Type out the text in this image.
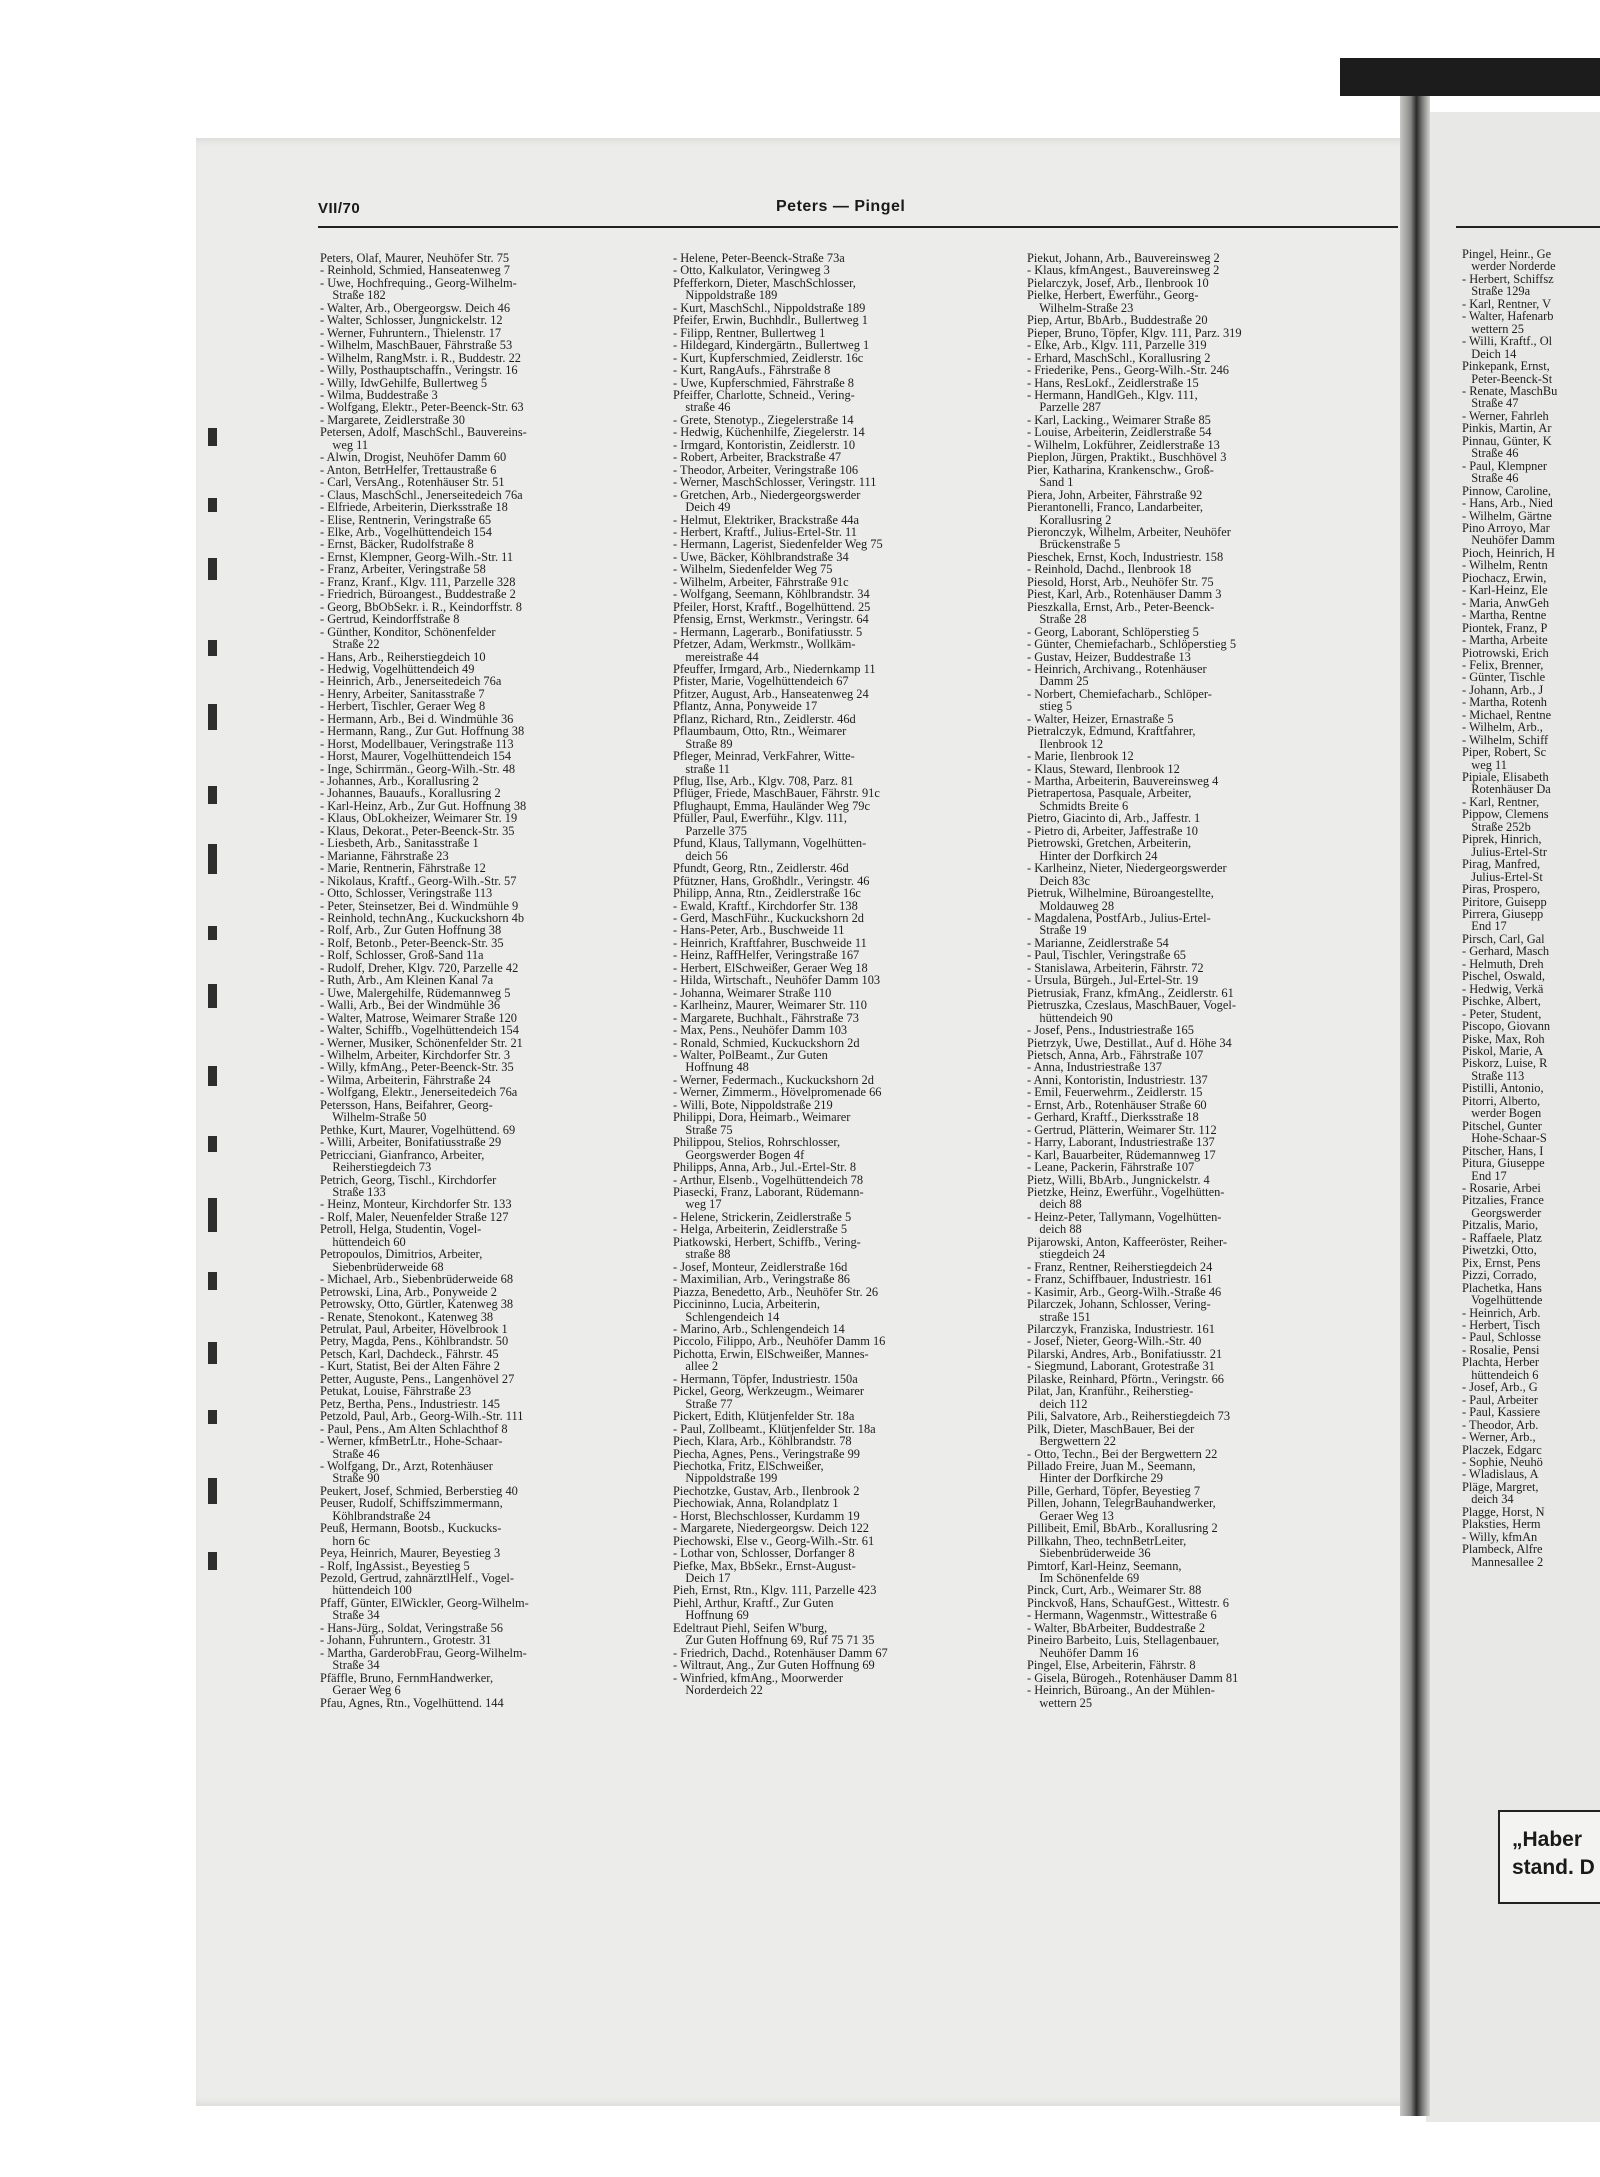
VII/70	Peters — Pingel
Peters, Olaf, Maurer, Neuhöfer Str. 75
- Reinhold, Schmied, Hanseatenweg 7
- Uwe, Hochfrequing., Georg-Wilhelm-
Straße 182
- Walter, Arb., Obergeorgsw. Deich 46
- Walter, Schlosser, Jungnickelstr. 12
- Werner, Fuhruntern., Thielenstr. 17
- Wilhelm, MaschBauer, Fährstraße 53
- Wilhelm, RangMstr. i. R., Buddestr. 22
- Willy, Posthauptschaffn., Veringstr. 16
- Willy, IdwGehilfe, Bullertweg 5
- Wilma, Buddestraße 3
- Wolfgang, Elektr., Peter-Beenck-Str. 63
- Margarete, Zeidlerstraße 30
Petersen, Adolf, MaschSchl., Bauvereins-
weg 11
- Alwin, Drogist, Neuhöfer Damm 60
- Anton, BetrHelfer, Trettaustraße 6
- Carl, VersAng., Rotenhäuser Str. 51
- Claus, MaschSchl., Jenerseitedeich 76a
- Elfriede, Arbeiterin, Dierksstraße 18
- Elise, Rentnerin, Veringstraße 65
- Elke, Arb., Vogelhüttendeich 154
- Ernst, Bäcker, Rudolfstraße 8
- Ernst, Klempner, Georg-Wilh.-Str. 11
- Franz, Arbeiter, Veringstraße 58
- Franz, Kranf., Klgv. 111, Parzelle 328
- Friedrich, Büroangest., Buddestraße 2
- Georg, BbObSekr. i. R., Keindorffstr. 8
- Gertrud, Keindorffstraße 8
- Günther, Konditor, Schönenfelder
Straße 22
- Hans, Arb., Reiherstiegdeich 10
- Hedwig, Vogelhüttendeich 49
- Heinrich, Arb., Jenerseitedeich 76a
- Henry, Arbeiter, Sanitasstraße 7
- Herbert, Tischler, Geraer Weg 8
- Hermann, Arb., Bei d. Windmühle 36
- Hermann, Rang., Zur Gut. Hoffnung 38
- Horst, Modellbauer, Veringstraße 113
- Horst, Maurer, Vogelhüttendeich 154
- Inge, Schirrmän., Georg-Wilh.-Str. 48
- Johannes, Arb., Korallusring 2
- Johannes, Bauaufs., Korallusring 2
- Karl-Heinz, Arb., Zur Gut. Hoffnung 38
- Klaus, ObLokheizer, Weimarer Str. 19
- Klaus, Dekorat., Peter-Beenck-Str. 35
- Liesbeth, Arb., Sanitasstraße 1
- Marianne, Fährstraße 23
- Marie, Rentnerin, Fährstraße 12
- Nikolaus, Kraftf., Georg-Wilh.-Str. 57
- Otto, Schlosser, Veringstraße 113
- Peter, Steinsetzer, Bei d. Windmühle 9
- Reinhold, technAng., Kuckuckshorn 4b
- Rolf, Arb., Zur Guten Hoffnung 38
- Rolf, Betonb., Peter-Beenck-Str. 35
- Rolf, Schlosser, Groß-Sand 11a
- Rudolf, Dreher, Klgv. 720, Parzelle 42
- Ruth, Arb., Am Kleinen Kanal 7a
- Uwe, Malergehilfe, Rüdemannweg 5
- Walli, Arb., Bei der Windmühle 36
- Walter, Matrose, Weimarer Straße 120
- Walter, Schiffb., Vogelhüttendeich 154
- Werner, Musiker, Schönenfelder Str. 21
- Wilhelm, Arbeiter, Kirchdorfer Str. 3
- Willy, kfmAng., Peter-Beenck-Str. 35
- Wilma, Arbeiterin, Fährstraße 24
- Wolfgang, Elektr., Jenerseitedeich 76a
Petersson, Hans, Beifahrer, Georg-
Wilhelm-Straße 50
Pethke, Kurt, Maurer, Vogelhüttend. 69
- Willi, Arbeiter, Bonifatiusstraße 29
Petricciani, Gianfranco, Arbeiter,
Reiherstiegdeich 73
Petrich, Georg, Tischl., Kirchdorfer
Straße 133
- Heinz, Monteur, Kirchdorfer Str. 133
- Rolf, Maler, Neuenfelder Straße 127
Petroll, Helga, Studentin, Vogel-
hüttendeich 60
Petropoulos, Dimitrios, Arbeiter,
Siebenbrüderweide 68
- Michael, Arb., Siebenbrüderweide 68
Petrowski, Lina, Arb., Ponyweide 2
Petrowsky, Otto, Gürtler, Katenweg 38
- Renate, Stenokont., Katenweg 38
Petrulat, Paul, Arbeiter, Hövelbrook 1
Petry, Magda, Pens., Köhlbrandstr. 50
Petsch, Karl, Dachdeck., Fährstr. 45
- Kurt, Statist, Bei der Alten Fähre 2
Petter, Auguste, Pens., Langenhövel 27
Petukat, Louise, Fährstraße 23
Petz, Bertha, Pens., Industriestr. 145
Petzold, Paul, Arb., Georg-Wilh.-Str. 111
- Paul, Pens., Am Alten Schlachthof 8
- Werner, kfmBetrLtr., Hohe-Schaar-
Straße 46
- Wolfgang, Dr., Arzt, Rotenhäuser
Straße 90
Peukert, Josef, Schmied, Berberstieg 40
Peuser, Rudolf, Schiffszimmermann,
Köhlbrandstraße 24
Peuß, Hermann, Bootsb., Kuckucks-
horn 6c
Peya, Heinrich, Maurer, Beyestieg 3
- Rolf, IngAssist., Beyestieg 5
Pezold, Gertrud, zahnärztlHelf., Vogel-
hüttendeich 100
Pfaff, Günter, ElWickler, Georg-Wilhelm-
Straße 34
- Hans-Jürg., Soldat, Veringstraße 56
- Johann, Fuhruntern., Grotestr. 31
- Martha, GarderobFrau, Georg-Wilhelm-
Straße 34
Pfäffle, Bruno, FernmHandwerker,
Geraer Weg 6
Pfau, Agnes, Rtn., Vogelhüttend. 144
- Helene, Peter-Beenck-Straße 73a
- Otto, Kalkulator, Veringweg 3
Pfefferkorn, Dieter, MaschSchlosser,
Nippoldstraße 189
- Kurt, MaschSchl., Nippoldstraße 189
Pfeifer, Erwin, Buchhdlr., Bullertweg 1
- Filipp, Rentner, Bullertweg 1
- Hildegard, Kindergärtn., Bullertweg 1
- Kurt, Kupferschmied, Zeidlerstr. 16c
- Kurt, RangAufs., Fährstraße 8
- Uwe, Kupferschmied, Fährstraße 8
Pfeiffer, Charlotte, Schneid., Vering-
straße 46
- Grete, Stenotyp., Ziegelerstraße 14
- Hedwig, Küchenhilfe, Ziegelerstr. 14
- Irmgard, Kontoristin, Zeidlerstr. 10
- Robert, Arbeiter, Brackstraße 47
- Theodor, Arbeiter, Veringstraße 106
- Werner, MaschSchlosser, Veringstr. 111
- Gretchen, Arb., Niedergeorgswerder
Deich 49
- Helmut, Elektriker, Brackstraße 44a
- Herbert, Kraftf., Julius-Ertel-Str. 11
- Hermann, Lagerist, Siedenfelder Weg 75
- Uwe, Bäcker, Köhlbrandstraße 34
- Wilhelm, Siedenfelder Weg 75
- Wilhelm, Arbeiter, Fährstraße 91c
- Wolfgang, Seemann, Köhlbrandstr. 34
Pfeiler, Horst, Kraftf., Bogelhüttend. 25
Pfensig, Ernst, Werkmstr., Veringstr. 64
- Hermann, Lagerarb., Bonifatiusstr. 5
Pfetzer, Adam, Werkmstr., Wollkäm-
mereistraße 44
Pfeuffer, Irmgard, Arb., Niedernkamp 11
Pfister, Marie, Vogelhüttendeich 67
Pfitzer, August, Arb., Hanseatenweg 24
Pflantz, Anna, Ponyweide 17
Pflanz, Richard, Rtn., Zeidlerstr. 46d
Pflaumbaum, Otto, Rtn., Weimarer
Straße 89
Pfleger, Meinrad, VerkFahrer, Witte-
straße 11
Pflug, Ilse, Arb., Klgv. 708, Parz. 81
Pflüger, Friede, MaschBauer, Fährstr. 91c
Pflughaupt, Emma, Hauländer Weg 79c
Pfüller, Paul, Ewerführ., Klgv. 111,
Parzelle 375
Pfund, Klaus, Tallymann, Vogelhütten-
deich 56
Pfundt, Georg, Rtn., Zeidlerstr. 46d
Pfützner, Hans, Großhdlr., Veringstr. 46
Philipp, Anna, Rtn., Zeidlerstraße 16c
- Ewald, Kraftf., Kirchdorfer Str. 138
- Gerd, MaschFühr., Kuckuckshorn 2d
- Hans-Peter, Arb., Buschweide 11
- Heinrich, Kraftfahrer, Buschweide 11
- Heinz, RaffHelfer, Veringstraße 167
- Herbert, ElSchweißer, Geraer Weg 18
- Hilda, Wirtschaft., Neuhöfer Damm 103
- Johanna, Weimarer Straße 110
- Karlheinz, Maurer, Weimarer Str. 110
- Margarete, Buchhalt., Fährstraße 73
- Max, Pens., Neuhöfer Damm 103
- Ronald, Schmied, Kuckuckshorn 2d
- Walter, PolBeamt., Zur Guten
Hoffnung 48
- Werner, Federmach., Kuckuckshorn 2d
- Werner, Zimmerm., Hövelpromenade 66
- Willi, Bote, Nippoldstraße 219
Philippi, Dora, Heimarb., Weimarer
Straße 75
Philippou, Stelios, Rohrschlosser,
Georgswerder Bogen 4f
Philipps, Anna, Arb., Jul.-Ertel-Str. 8
- Arthur, Elsenb., Vogelhüttendeich 78
Piasecki, Franz, Laborant, Rüdemann-
weg 17
- Helene, Strickerin, Zeidlerstraße 5
- Helga, Arbeiterin, Zeidlerstraße 5
Piatkowski, Herbert, Schiffb., Vering-
straße 88
- Josef, Monteur, Zeidlerstraße 16d
- Maximilian, Arb., Veringstraße 86
Piazza, Benedetto, Arb., Neuhöfer Str. 26
Piccininno, Lucia, Arbeiterin,
Schlengendeich 14
- Marino, Arb., Schlengendeich 14
Piccolo, Filippo, Arb., Neuhöfer Damm 16
Pichotta, Erwin, ElSchweißer, Mannes-
allee 2
- Hermann, Töpfer, Industriestr. 150a
Pickel, Georg, Werkzeugm., Weimarer
Straße 77
Pickert, Edith, Klütjenfelder Str. 18a
- Paul, Zollbeamt., Klütjenfelder Str. 18a
Piech, Klara, Arb., Köhlbrandstr. 78
Piecha, Agnes, Pens., Veringstraße 99
Piechotka, Fritz, ElSchweißer,
Nippoldstraße 199
Piechotzke, Gustav, Arb., Ilenbrook 2
Piechowiak, Anna, Rolandplatz 1
- Horst, Blechschlosser, Kurdamm 19
- Margarete, Niedergeorgsw. Deich 122
Piechowski, Else v., Georg-Wilh.-Str. 61
- Lothar von, Schlosser, Dorfanger 8
Piefke, Max, BbSekr., Ernst-August-
Deich 17
Pieh, Ernst, Rtn., Klgv. 111, Parzelle 423
Piehl, Arthur, Kraftf., Zur Guten
Hoffnung 69
Edeltraut Piehl, Seifen W'burg,
Zur Guten Hoffnung 69, Ruf 75 71 35
- Friedrich, Dachd., Rotenhäuser Damm 67
- Wiltraut, Ang., Zur Guten Hoffnung 69
- Winfried, kfmAng., Moorwerder
Norderdeich 22
Piekut, Johann, Arb., Bauvereinsweg 2
- Klaus, kfmAngest., Bauvereinsweg 2
Pielarczyk, Josef, Arb., Ilenbrook 10
Pielke, Herbert, Ewerführ., Georg-
Wilhelm-Straße 23
Piep, Artur, BbArb., Buddestraße 20
Pieper, Bruno, Töpfer, Klgv. 111, Parz. 319
- Elke, Arb., Klgv. 111, Parzelle 319
- Erhard, MaschSchl., Korallusring 2
- Friederike, Pens., Georg-Wilh.-Str. 246
- Hans, ResLokf., Zeidlerstraße 15
- Hermann, HandlGeh., Klgv. 111,
Parzelle 287
- Karl, Lacking., Weimarer Straße 85
- Louise, Arbeiterin, Zeidlerstraße 54
- Wilhelm, Lokführer, Zeidlerstraße 13
Pieplon, Jürgen, Praktikt., Buschhövel 3
Pier, Katharina, Krankenschw., Groß-
Sand 1
Piera, John, Arbeiter, Fährstraße 92
Pierantonelli, Franco, Landarbeiter,
Korallusring 2
Pieronczyk, Wilhelm, Arbeiter, Neuhöfer
Brückenstraße 5
Pieschek, Ernst, Koch, Industriestr. 158
- Reinhold, Dachd., Ilenbrook 18
Piesold, Horst, Arb., Neuhöfer Str. 75
Piest, Karl, Arb., Rotenhäuser Damm 3
Pieszkalla, Ernst, Arb., Peter-Beenck-
Straße 28
- Georg, Laborant, Schlöperstieg 5
- Günter, Chemiefacharb., Schlöperstieg 5
- Gustav, Heizer, Buddestraße 13
- Heinrich, Archivang., Rotenhäuser
Damm 25
- Norbert, Chemiefacharb., Schlöper-
stieg 5
- Walter, Heizer, Ernastraße 5
Pietralczyk, Edmund, Kraftfahrer,
Ilenbrook 12
- Marie, Ilenbrook 12
- Klaus, Steward, Ilenbrook 12
- Martha, Arbeiterin, Bauvereinsweg 4
Pietrapertosa, Pasquale, Arbeiter,
Schmidts Breite 6
Pietro, Giacinto di, Arb., Jaffestr. 1
- Pietro di, Arbeiter, Jaffestraße 10
Pietrowski, Gretchen, Arbeiterin,
Hinter der Dorfkirch 24
- Karlheinz, Nieter, Niedergeorgswerder
Deich 83c
Pietruk, Wilhelmine, Büroangestellte,
Moldauweg 28
- Magdalena, PostfArb., Julius-Ertel-
Straße 19
- Marianne, Zeidlerstraße 54
- Paul, Tischler, Veringstraße 65
- Stanislawa, Arbeiterin, Fährstr. 72
- Ursula, Bürgeh., Jul-Ertel-Str. 19
Pietrusiak, Franz, kfmAng., Zeidlerstr. 61
Pietruszka, Czeslaus, MaschBauer, Vogel-
hüttendeich 90
- Josef, Pens., Industriestraße 165
Pietrzyk, Uwe, Destillat., Auf d. Höhe 34
Pietsch, Anna, Arb., Fährstraße 107
- Anna, Industriestraße 137
- Anni, Kontoristin, Industriestr. 137
- Emil, Feuerwehrm., Zeidlerstr. 15
- Ernst, Arb., Rotenhäuser Straße 60
- Gerhard, Kraftf., Dierksstraße 18
- Gertrud, Plätterin, Weimarer Str. 112
- Harry, Laborant, Industriestraße 137
- Karl, Bauarbeiter, Rüdemannweg 17
- Leane, Packerin, Fährstraße 107
Pietz, Willi, BbArb., Jungnickelstr. 4
Pietzke, Heinz, Ewerführ., Vogelhütten-
deich 88
- Heinz-Peter, Tallymann, Vogelhütten-
deich 88
Pijarowski, Anton, Kaffeeröster, Reiher-
stiegdeich 24
- Franz, Rentner, Reiherstiegdeich 24
- Franz, Schiffbauer, Industriestr. 161
- Kasimir, Arb., Georg-Wilh.-Straße 46
Pilarczek, Johann, Schlosser, Vering-
straße 151
Pilarczyk, Franziska, Industriestr. 161
- Josef, Nieter, Georg-Wilh.-Str. 40
Pilarski, Andres, Arb., Bonifatiusstr. 21
- Siegmund, Laborant, Grotestraße 31
Pilaske, Reinhard, Pförtn., Veringstr. 66
Pilat, Jan, Kranführ., Reiherstieg-
deich 112
Pili, Salvatore, Arb., Reiherstiegdeich 73
Pilk, Dieter, MaschBauer, Bei der
Bergwettern 22
- Otto, Techn., Bei der Bergwettern 22
Pillado Freire, Juan M., Seemann,
Hinter der Dorfkirche 29
Pille, Gerhard, Töpfer, Beyestieg 7
Pillen, Johann, TelegrBauhandwerker,
Geraer Weg 13
Pillibeit, Emil, BbArb., Korallusring 2
Pillkahn, Theo, technBetrLeiter,
Siebenbrüderweide 36
Pimtorf, Karl-Heinz, Seemann,
Im Schönenfelde 69
Pinck, Curt, Arb., Weimarer Str. 88
Pinckvoß, Hans, SchaufGest., Wittestr. 6
- Hermann, Wagenmstr., Wittestraße 6
- Walter, BbArbeiter, Buddestraße 2
Pineiro Barbeito, Luis, Stellagenbauer,
Neuhöfer Damm 16
Pingel, Else, Arbeiterin, Fährstr. 8
- Gisela, Bürogeh., Rotenhäuser Damm 81
- Heinrich, Büroang., An der Mühlen-
wettern 25
Pingel, Heinr., Ge
werder Norderde
- Herbert, Schiffsz
Straße 129a
- Karl, Rentner, V
- Walter, Hafenarb
wettern 25
- Willi, Kraftf., Ol
Deich 14
Pinkepank, Ernst,
Peter-Beenck-St
- Renate, MaschBu
Straße 47
- Werner, Fahrleh
Pinkis, Martin, Ar
Pinnau, Günter, K
Straße 46
- Paul, Klempner
Straße 46
Pinnow, Caroline,
- Hans, Arb., Nied
- Wilhelm, Gärtne
Pino Arroyo, Mar
Neuhöfer Damm
Pioch, Heinrich, H
- Wilhelm, Rentn
Piochacz, Erwin,
- Karl-Heinz, Ele
- Maria, AnwGeh
- Martha, Rentne
Piontek, Franz, P
- Martha, Arbeite
Piotrowski, Erich
- Felix, Brenner,
- Günter, Tischle
- Johann, Arb., J
- Martha, Rotenh
- Michael, Rentne
- Wilhelm, Arb.,
- Wilhelm, Schiff
Piper, Robert, Sc
weg 11
Pipiale, Elisabeth
Rotenhäuser Da
- Karl, Rentner,
Pippow, Clemens
Straße 252b
Piprek, Hinrich,
Julius-Ertel-Str
Pirag, Manfred,
Julius-Ertel-St
Piras, Prospero,
Piritore, Guisepp
Pirrera, Giusepp
End 17
Pirsch, Carl, Gal
- Gerhard, Masch
- Helmuth, Dreh
Pischel, Oswald,
- Hedwig, Verkä
Pischke, Albert,
- Peter, Student,
Piscopo, Giovann
Piske, Max, Roh
Piskol, Marie, A
Piskorz, Luise, R
Straße 113
Pistilli, Antonio,
Pitorri, Alberto,
werder Bogen
Pitschel, Gunter
Hohe-Schaar-S
Pitscher, Hans, I
Pitura, Giuseppe
End 17
- Rosarie, Arbei
Pitzalies, France
Georgswerder
Pitzalis, Mario,
- Raffaele, Platz
Piwetzki, Otto,
Pix, Ernst, Pens
Pizzi, Corrado,
Plachetka, Hans
Vogelhüttende
- Heinrich, Arb.
- Herbert, Tisch
- Paul, Schlosse
- Rosalie, Pensi
Plachta, Herber
hüttendeich 6
- Josef, Arb., G
- Paul, Arbeiter
- Paul, Kassiere
- Theodor, Arb.
- Werner, Arb.,
Placzek, Edgarc
- Sophie, Neuhö
- Wladislaus, A
Pläge, Margret,
deich 34
Plagge, Horst, N
Plaksties, Herm
- Willy, kfmAn
Plambeck, Alfre
Mannesallee 2
„Haber
stand. D
